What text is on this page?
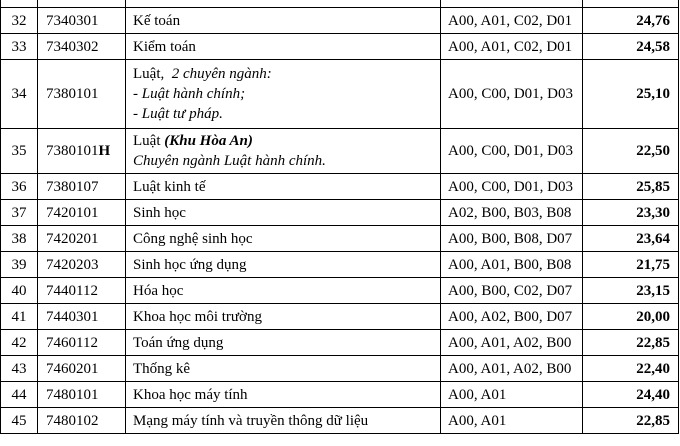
32	7340301	Kế toán	A00, A01, C02, D01	24,76
33	7340302	Kiểm toán	A00, A01, C02, D01	24,58
34	7380101	Luật, 2 chuyên ngành:
- Luật hành chính;
- Luật tư pháp.	A00, C00, D01, D03	25,10
35	7380101H	Luật (Khu Hòa An)
Chuyên ngành Luật hành chính.	A00, C00, D01, D03	22,50
36	7380107	Luật kinh tế	A00, C00, D01, D03	25,85
37	7420101	Sinh học	A02, B00, B03, B08	23,30
38	7420201	Công nghệ sinh học	A00, B00, B08, D07	23,64
39	7420203	Sinh học ứng dụng	A00, A01, B00, B08	21,75
40	7440112	Hóa học	A00, B00, C02, D07	23,15
41	7440301	Khoa học môi trường	A00, A02, B00, D07	20,00
42	7460112	Toán ứng dụng	A00, A01, A02, B00	22,85
43	7460201	Thống kê	A00, A01, A02, B00	22,40
44	7480101	Khoa học máy tính	A00, A01	24,40
45	7480102	Mạng máy tính và truyền thông dữ liệu	A00, A01	22,85
